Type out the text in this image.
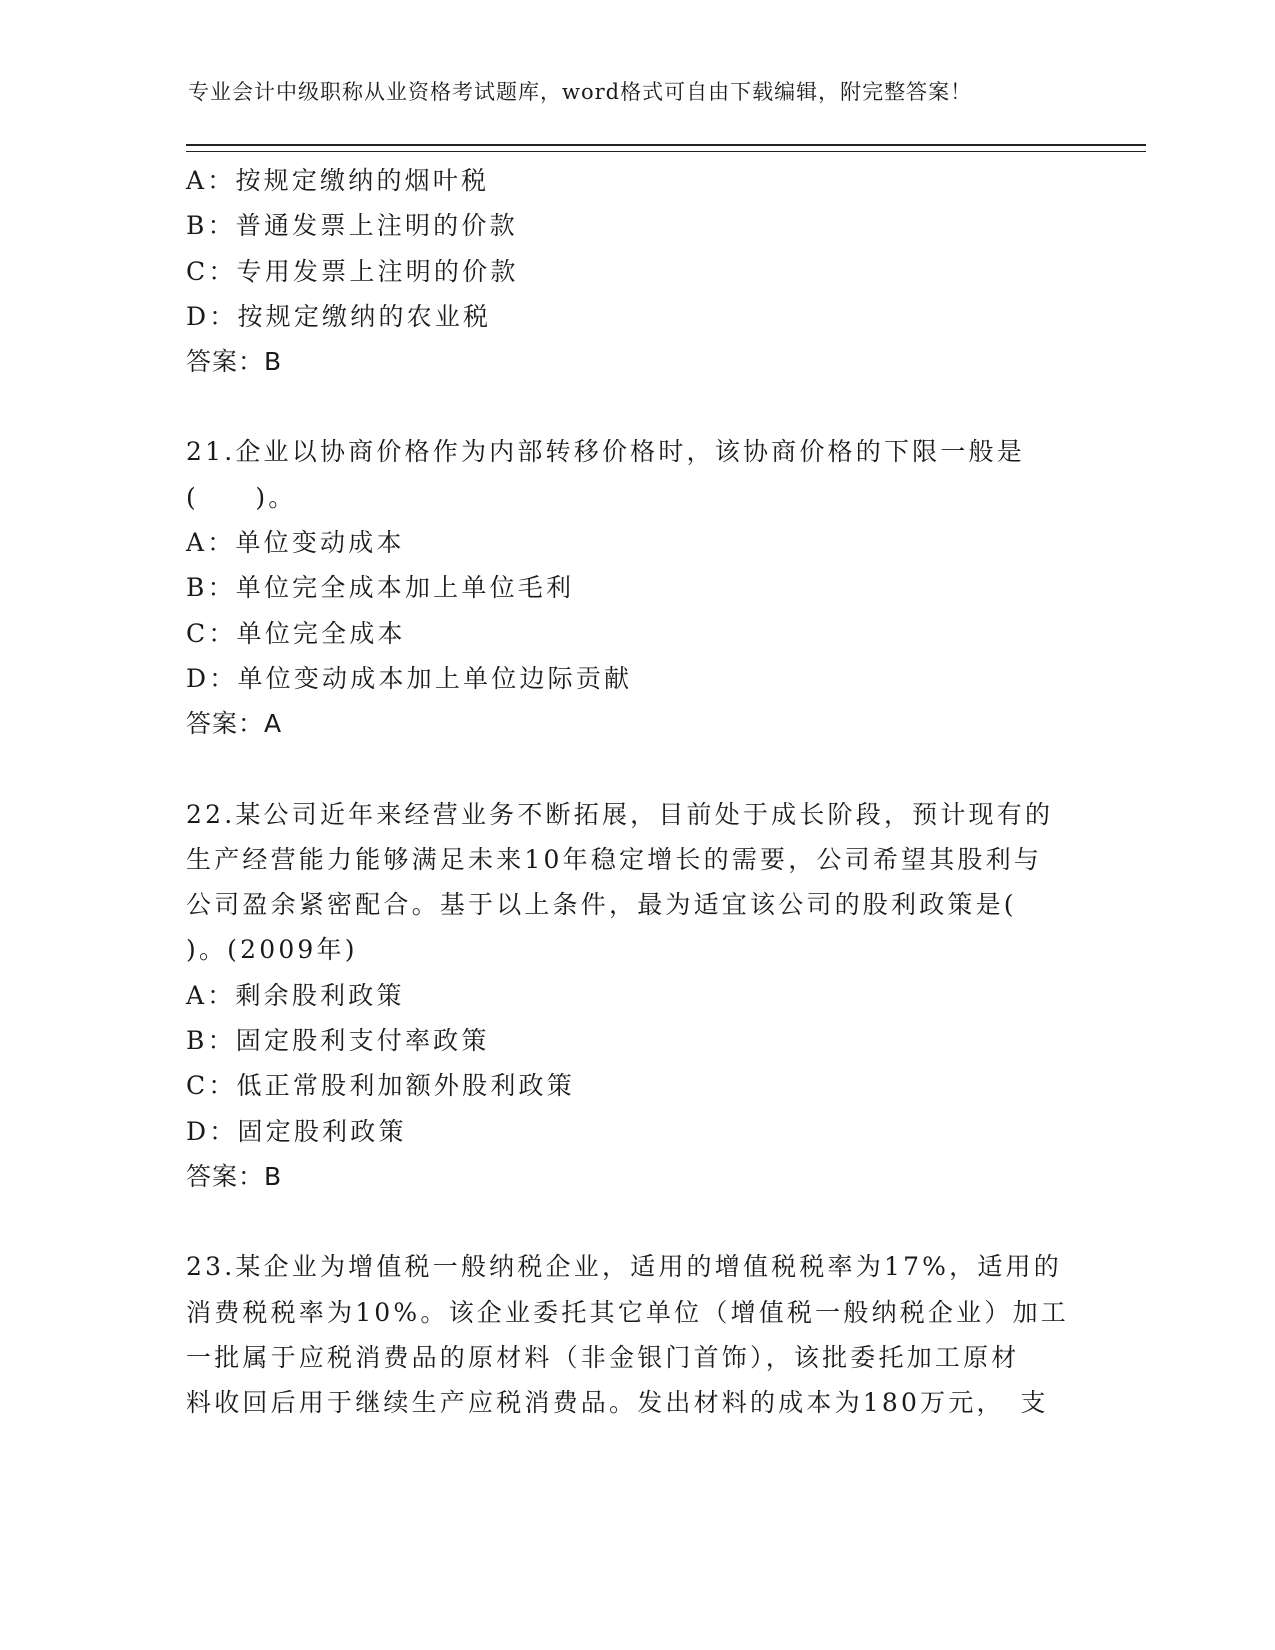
专业会计中级职称从业资格考试题库，word格式可自由下载编辑，附完整答案！
A：按规定缴纳的烟叶税
B：普通发票上注明的价款
C：专用发票上注明的价款
D：按规定缴纳的农业税
答案：B
21.企业以协商价格作为内部转移价格时，该协商价格的下限一般是
(　　)。
A：单位变动成本
B：单位完全成本加上单位毛利
C：单位完全成本
D：单位变动成本加上单位边际贡献
答案：A
22.某公司近年来经营业务不断拓展，目前处于成长阶段，预计现有的
生产经营能力能够满足未来10年稳定增长的需要，公司希望其股利与
公司盈余紧密配合。基于以上条件，最为适宜该公司的股利政策是(
)。(2009年)
A：剩余股利政策
B：固定股利支付率政策
C：低正常股利加额外股利政策
D：固定股利政策
答案：B
23.某企业为增值税一般纳税企业，适用的增值税税率为17%，适用的
消费税税率为10%。该企业委托其它单位（增值税一般纳税企业）加工
一批属于应税消费品的原材料（非金银门首饰），该批委托加工原材
料收回后用于继续生产应税消费品。发出材料的成本为180万元，　支
